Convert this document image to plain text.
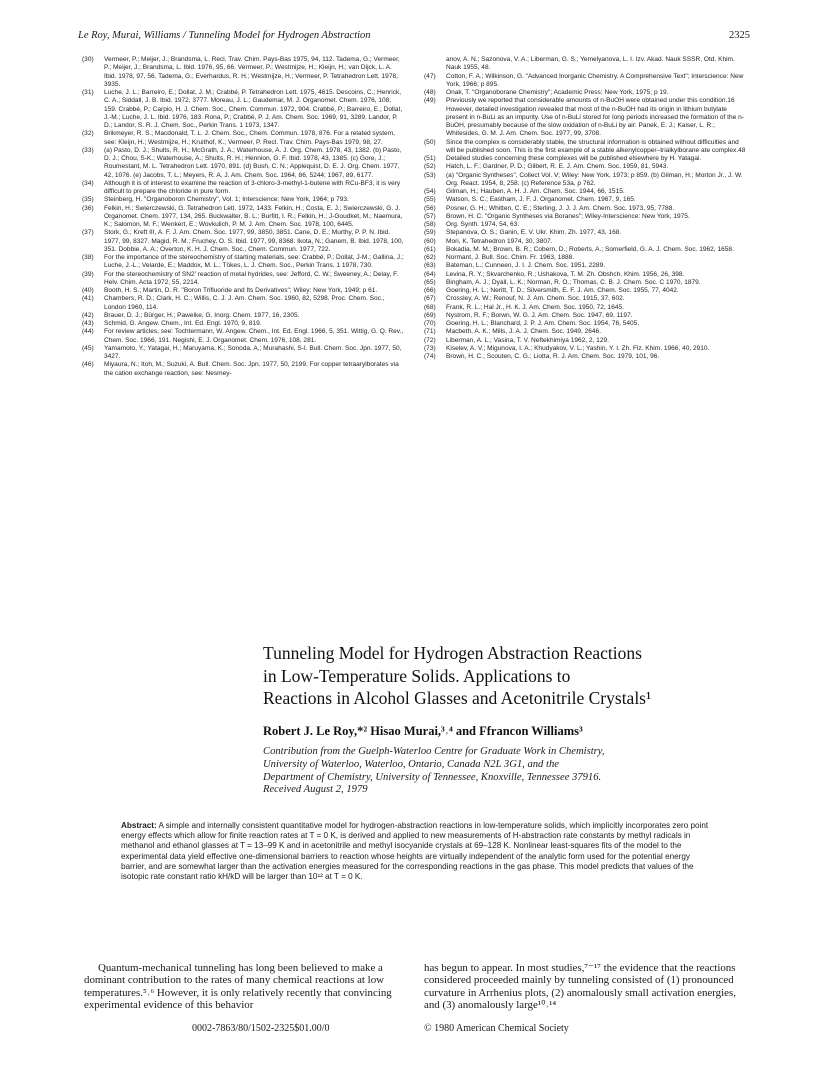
Le Roy, Murai, Williams / Tunneling Model for Hydrogen Abstraction	2325

(30) Vermeer, P.; Meijer, J.; Brandsma, L. Recl. Trav. Chim. Pays-Bas 1975, 94, 112. Tadema, G.; Vermeer, P.; Meijer, J.; Brandsma, L. Ibid. 1976, 95, 66. Vermeer, P.; Westmijze, H.; Kleijn, H.; van Dijck, L. A. Ibid. 1978, 97, 56. Tadema, G.; Everhardus, R. H.; Westmijze, H.; Vermeer, P. Tetrahedron Lett. 1978, 3935.

(31) Luche, J. L.; Barreiro, E.; Dollat, J. M.; Crabbé, P. Tetrahedron Lett. 1975, 4615. Descoins, C.; Henrick, C. A.; Siddall, J. B. Ibid. 1972, 3777. Moreau, J. L.; Gaudemar, M. J. Organomet. Chem. 1976, 108, 159. Crabbé, P.; Carpio, H. J. Chem. Soc., Chem. Commun. 1972, 904. Crabbé, P.; Barreiro, E.; Dollat, J.-M.; Luche, J. L. Ibid. 1976, 183. Rona, P.; Crabbé, P. J. Am. Chem. Soc. 1969, 91, 3289. Landor, P. D.; Landor, S. R. J. Chem. Soc., Perkin Trans. 1 1973, 1347.

(32) Brikmeyer, R. S.; Macdonald, T. L. J. Chem. Soc., Chem. Commun. 1978, 876. For a related system, see: Kleijn, H.; Westmijze, H.; Kruithof, K.; Vermeer, P. Recl. Trav. Chim. Pays-Bas 1979, 98, 27.

(33) (a) Pasto, D. J.; Shults, R. H.; McGrath, J. A.; Waterhouse, A. J. Org. Chem. 1978, 43, 1382. (b) Pasto, D. J.; Chou, S-K.; Waterhouse, A.; Shults, R. H.; Hennion, G. F. Ibid. 1978, 43, 1385. (c) Gore, J.; Roumestant, M. L. Tetrahedron Lett. 1970, 891. (d) Bush, C. N.; Applequist, D. E. J. Org. Chem. 1977, 42, 1076. (e) Jacobs, T. L.; Meyers, R. A. J. Am. Chem. Soc. 1964, 86, 5244; 1967, 89, 6177.

(34) Although it is of interest to examine the reaction of 3-chloro-3-methyl-1-butene with RCu-BF3, it is very difficult to prepare the chloride in pure form.

(35) Steinberg, H. "Organoboron Chemistry", Vol. 1; Interscience: New York, 1964; p 793.

(36) Felkin, H.; Swierczewski, G. Tetrahedron Lett. 1972, 1433. Felkin, H.; Costa, E. J.; Swierczewski, G. J. Organomet. Chem. 1977, 134, 265. Buckwalter, B. L.; Burfitt, I. R.; Felkin, H.; J-Goudket, M.; Naemura, K.; Salomon, M. F.; Wenkert, E.; Wovkulich, P. M. J. Am. Chem. Soc. 1978, 100, 6445.

(37) Stork, G.; Kreft III, A. F. J. Am. Chem. Soc. 1977, 99, 3850, 3851. Cane, D. E.; Murthy, P. P. N. Ibid. 1977, 99, 8327. Magid, R. M.; Fruchey, O. S. Ibid. 1977, 99, 8368. Ikota, N.; Ganem, B. Ibid. 1978, 100, 351. Dobbie, A. A.; Overton, K. H. J. Chem. Soc., Chem. Commun. 1977, 722.

(38) For the importance of the stereochemistry of starting materials, see: Crabbé, P.; Dollat, J-M.; Gallina, J.; Luche, J.-L.; Velarde, E.; Maddox, M. L.; Tökes, L. J. Chem. Soc., Perkin Trans. 1 1978, 730.

(39) For the stereochemistry of SN2' reaction of metal hydrides, see: Jefford, C. W.; Sweeney, A.; Delay, F. Helv. Chim. Acta 1972, 55, 2214.

(40) Booth, H. S.; Martin, D. R. "Boron Trifluoride and Its Derivatives"; Wiley: New York, 1949; p 61.

(41) Chambers, R. D.; Clark, H. C.; Willis, C. J. J. Am. Chem. Soc. 1960, 82, 5298. Proc. Chem. Soc., London 1960, 114.

(42) Brauer, D. J.; Bürger, H.; Pawelke, G. Inorg. Chem. 1977, 16, 2305.

(43) Schmid, G. Angew. Chem., Int. Ed. Engl. 1970, 9, 819.

(44) For review articles, see: Tochtermann, W. Angew. Chem., Int. Ed. Engl. 1966, 5, 351. Wittig, G. Q. Rev., Chem. Soc. 1966, 191. Negishi, E. J. Organomet. Chem. 1976, 108, 281.

(45) Yamamoto, Y.; Yatagai, H.; Maruyama, K.; Sonoda, A.; Murahashi, S-I. Bull. Chem. Soc. Jpn. 1977, 50, 3427.

(46) Miyaura, N.; Itoh, M.; Suzuki, A. Bull. Chem. Soc. Jpn. 1977, 50, 2199. For copper tetraarylborates via the cation exchange reaction, see: Nesmey-

anov, A. N.; Sazonova, V. A.; Liberman, G. S.; Yemelyanova, L. I. Izv. Akad. Nauk SSSR, Otd. Khim. Nauk 1955, 48.

(47) Cotton, F. A.; Wilkinson, G. "Advanced Inorganic Chemistry. A Comprehensive Text"; Interscience: New York, 1966; p 895.

(48) Onak, T. "Organoborane Chemistry"; Academic Press: New York, 1975; p 19.

(49) Previously we reported that considerable amounts of n-BuOH were obtained under this condition.16 However, detailed investigation revealed that most of the n-BuOH had its origin in lithium butylate present in n-BuLi as an impurity. Use of n-BuLi stored for long periods increased the formation of the n-BuOH, presumably because of the slow oxidation of n-BuLi by air: Panek, E. J.; Kaiser, L. R.; Whitesides, G. M. J. Am. Chem. Soc. 1977, 99, 3708.

(50) Since the complex is considerably stable, the structural information is obtained without difficulties and will be published soon. This is the first example of a stable alkenylcopper–trialkylborane ate complex.48

(51) Detailed studies concerning these complexes will be published elsewhere by H. Yatagai.

(52) Hatch, L. F.; Gardner, P. D.; Gilbert, R. E. J. Am. Chem. Soc. 1959, 81, 5943.

(53) (a) "Organic Syntheses", Collect Vol. V; Wiley: New York, 1973; p 859. (b) Gilman, H.; Morton Jr., J. W. Org. React. 1954, 8, 258. (c) Reference 53a, p 762.

(54) Gilman, H.; Hauben, A. H. J. Am. Chem. Soc. 1944, 66, 1515.

(55) Watson, S. C.; Eastham, J. F. J. Organomet. Chem. 1967, 9, 165.

(56) Posner, G. H.; Whitten, C. E.; Sterling, J. J. J. Am. Chem. Soc. 1973, 95, 7788.

(57) Brown, H. C. "Organic Syntheses via Boranes"; Wiley-Interscience: New York, 1975.

(58) Org. Synth. 1974, 54, 63.

(59) Stepanova, O. S.; Ganin, E. V. Ukr. Khim. Zh. 1977, 43, 168.

(60) Mori, K. Tetrahedron 1974, 30, 3807.

(61) Bokadia, M. M.; Brown, B. R.; Cobern, D.; Roberts, A.; Somerfield, G. A. J. Chem. Soc. 1962, 1658.

(62) Normant, J. Bull. Soc. Chim. Fr. 1963, 1888.

(63) Bateman, L.; Cunneen, J. I. J. Chem. Soc. 1951, 2289.

(64) Levina, R. Y.; Skvarchenko, R.; Ushakova, T. M. Zh. Obshch. Khim. 1956, 26, 398.

(65) Bingham, A. J.; Dyall, L. K.; Norman, R. O.; Thomas, C. B. J. Chem. Soc. C 1970, 1879.

(66) Goering, H. L.; Neritt, T. D.; Silversmith, E. F. J. Am. Chem. Soc. 1955, 77, 4042.

(67) Crossley, A. W.; Renouf, N. J. Am. Chem. Soc. 1915, 37, 602.

(68) Frank, R. L.; Hal Jr., H. K. J. Am. Chem. Soc. 1950, 72, 1645.

(69) Nystrom, R. F.; Borwn, W. G. J. Am. Chem. Soc. 1947, 69, 1197.

(70) Goering, H. L.; Blanchard, J. P. J. Am. Chem. Soc. 1954, 76, 5405.

(71) Macbeth, A. K.; Mills, J. A. J. Chem. Soc. 1949, 2646.

(72) Liberman, A. L.; Vasina, T. V. Neftekhimiya 1962, 2, 129.

(73) Kiselev, A. V.; Migunova, I. A.; Khudyakov, V. L.; Yashin, Y. I. Zh. Fiz. Khim. 1966, 40, 2910.

(74) Brown, H. C.; Scouten, C. G.; Liotta, R. J. Am. Chem. Soc. 1979, 101, 96.

Tunneling Model for Hydrogen Abstraction Reactions
in Low-Temperature Solids. Applications to
Reactions in Alcohol Glasses and Acetonitrile Crystals¹

Robert J. Le Roy,*² Hisao Murai,³˒⁴ and Ffrancon Williams³

Contribution from the Guelph-Waterloo Centre for Graduate Work in Chemistry,
University of Waterloo, Waterloo, Ontario, Canada N2L 3G1, and the
Department of Chemistry, University of Tennessee, Knoxville, Tennessee 37916.

Received August 2, 1979

Abstract: A simple and internally consistent quantitative model for hydrogen-abstraction reactions in low-temperature solids, which implicitly incorporates zero point energy effects which allow for finite reaction rates at T = 0 K, is derived and applied to new measurements of H-abstraction rate constants by methyl radicals in methanol and ethanol glasses at T = 13–99 K and in acetonitrile and methyl isocyanide crystals at 69–128 K. Nonlinear least-squares fits of the model to the experimental data yield effective one-dimensional barriers to reaction whose heights are virtually independent of the analytic form used for the potential energy barrier, and are somewhat larger than the activation energies measured for the corresponding reactions in the gas phase. This model predicts that values of the isotopic rate constant ratio kH/kD will be larger than 10¹² at T = 0 K.

Quantum-mechanical tunneling has long been believed to make a dominant contribution to the rates of many chemical reactions at low temperatures.⁵˒⁶ However, it is only relatively recently that convincing experimental evidence of this behavior

has begun to appear. In most studies,⁷⁻¹⁷ the evidence that the reactions considered proceeded mainly by tunneling consisted of (1) pronounced curvature in Arrhenius plots, (2) anomalously small activation energies, and (3) anomalously large¹⁰˒¹⁴

0002-7863/80/1502-2325$01.00/0	© 1980 American Chemical Society
